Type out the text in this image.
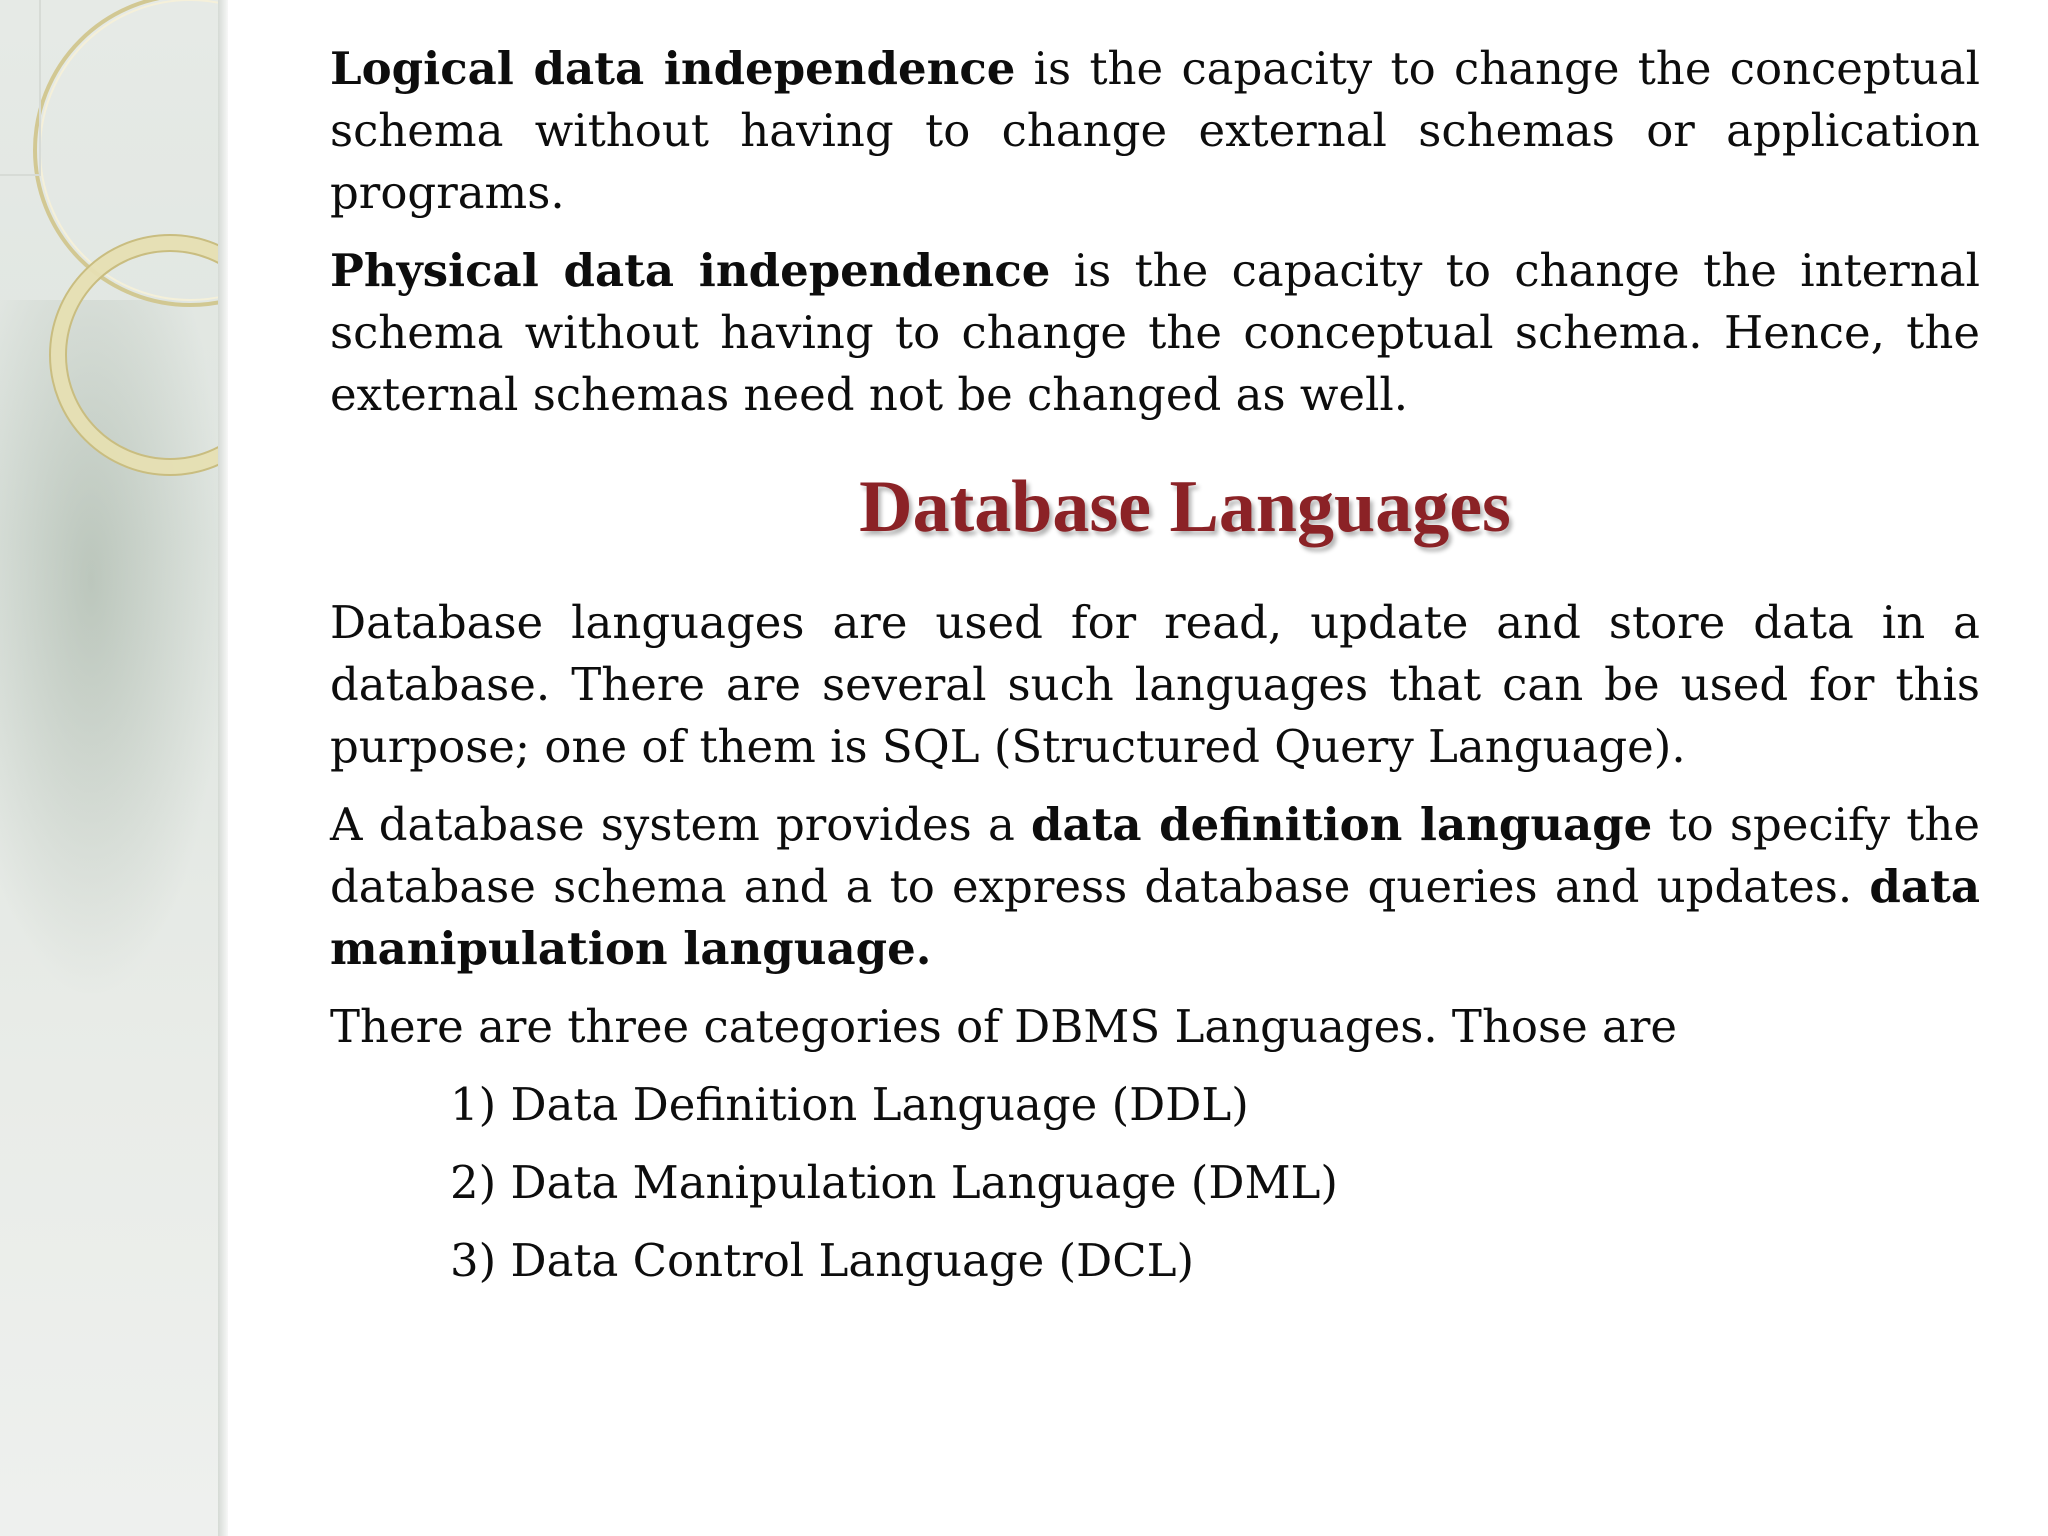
Logical data independence is the capacity to change the conceptual schema without having to change external schemas or application programs.

Physical data independence is the capacity to change the internal schema without having to change the conceptual schema. Hence, the external schemas need not be changed as well.

Database Languages

Database languages are used for read, update and store data in a database. There are several such languages that can be used for this purpose; one of them is SQL (Structured Query Language).

A database system provides a data definition language to specify the database schema and a to express database queries and updates. data manipulation language.

There are three categories of DBMS Languages. Those are

1) Data Definition Language (DDL)
2) Data Manipulation Language (DML)
3) Data Control Language (DCL)
